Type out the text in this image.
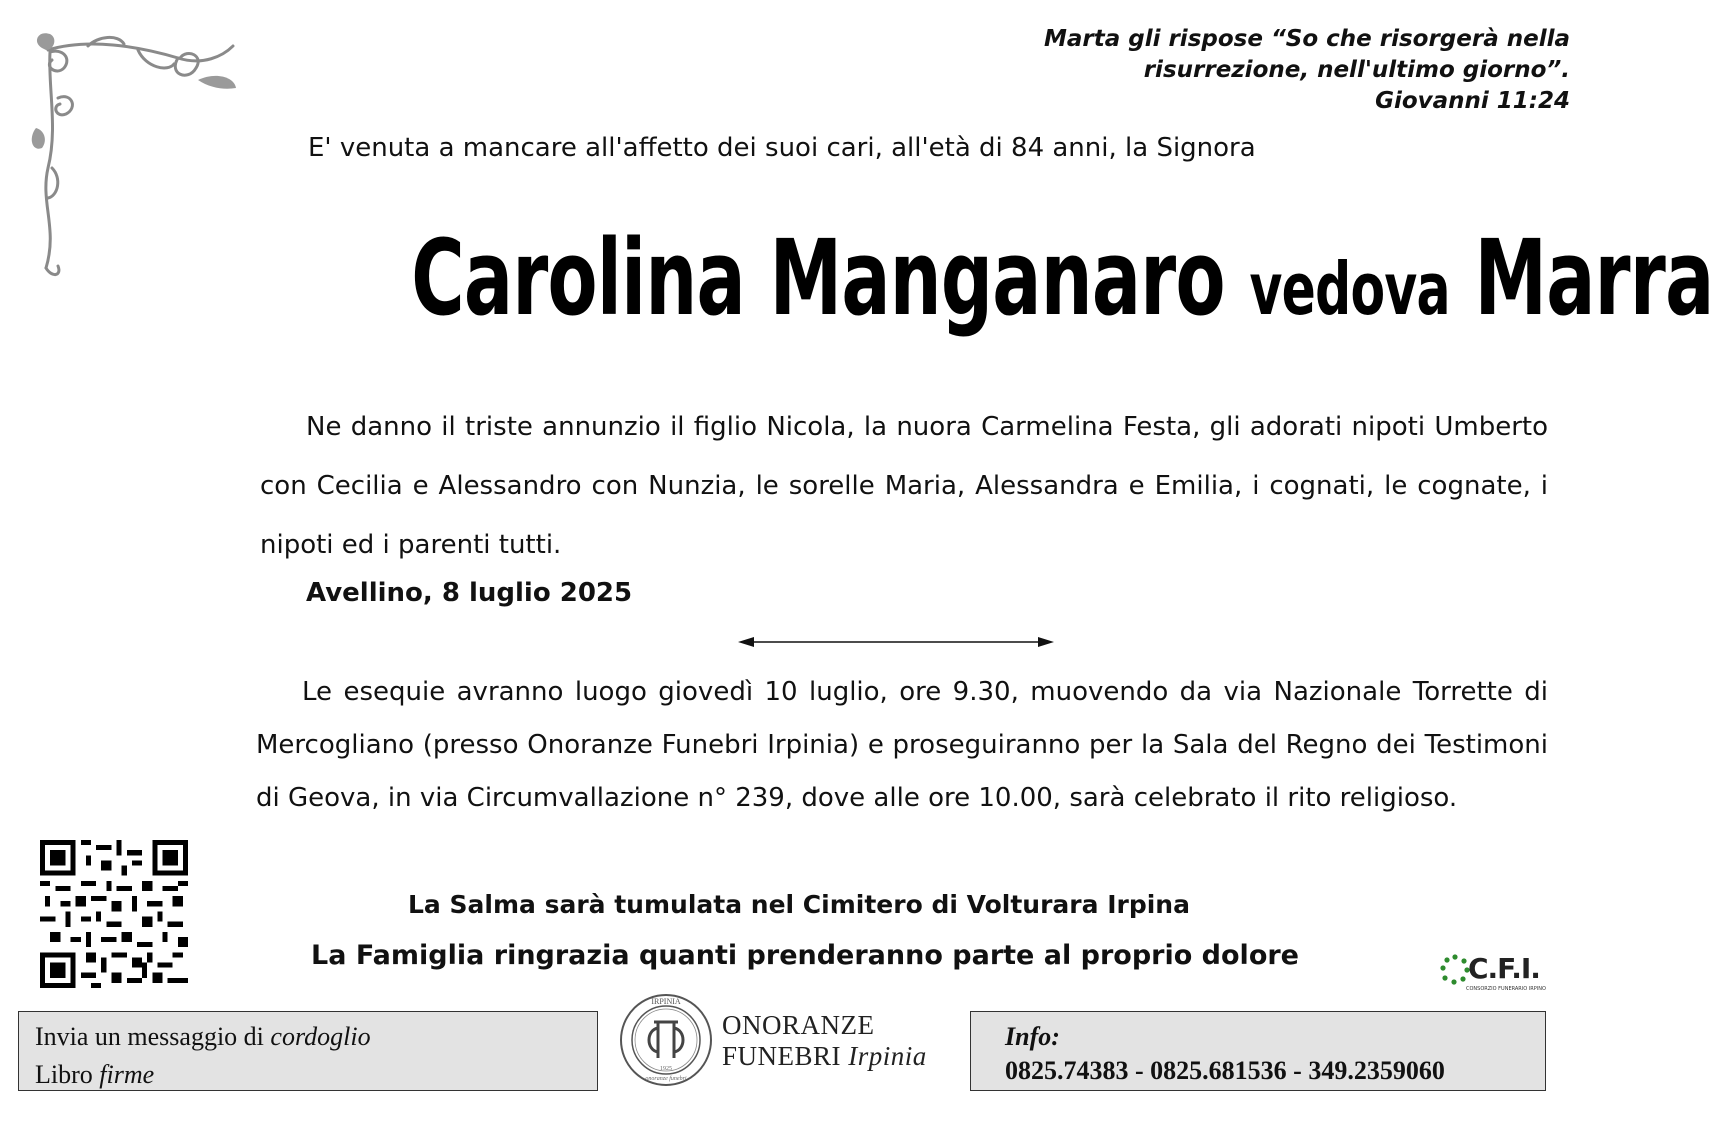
Marta gli rispose “So che risorgerà nella
risurrezione, nell'ultimo giorno”.
Giovanni 11:24
E' venuta a mancare all'affetto dei suoi cari, all'età di 84 anni, la Signora
Carolina Manganaro vedova Marra
Ne danno il triste annunzio il figlio Nicola, la nuora Carmelina Festa, gli adorati nipoti Umberto con Cecilia e Alessandro con Nunzia, le sorelle Maria, Alessandra e Emilia, i cognati, le cognate, i nipoti ed i parenti tutti.
Avellino, 8 luglio 2025
Le esequie avranno luogo giovedì 10 luglio, ore 9.30, muovendo da via Nazionale Torrette di Mercogliano (presso Onoranze Funebri Irpinia) e proseguiranno per la Sala del Regno dei Testimoni di Geova, in via Circumvallazione n° 239, dove alle ore 10.00, sarà celebrato il rito religioso.
La Salma sarà tumulata nel Cimitero di Volturara Irpina
La Famiglia ringrazia quanti prenderanno parte al proprio dolore	C.F.I.
CONSORZIO FUNERARIO IRPINO
Invia un messaggio di cordoglio
Libro firme
IRPINIA
1925
onoranze funebri
ONORANZE
FUNEBRI Irpinia
Info:
0825.74383 - 0825.681536 - 349.2359060
